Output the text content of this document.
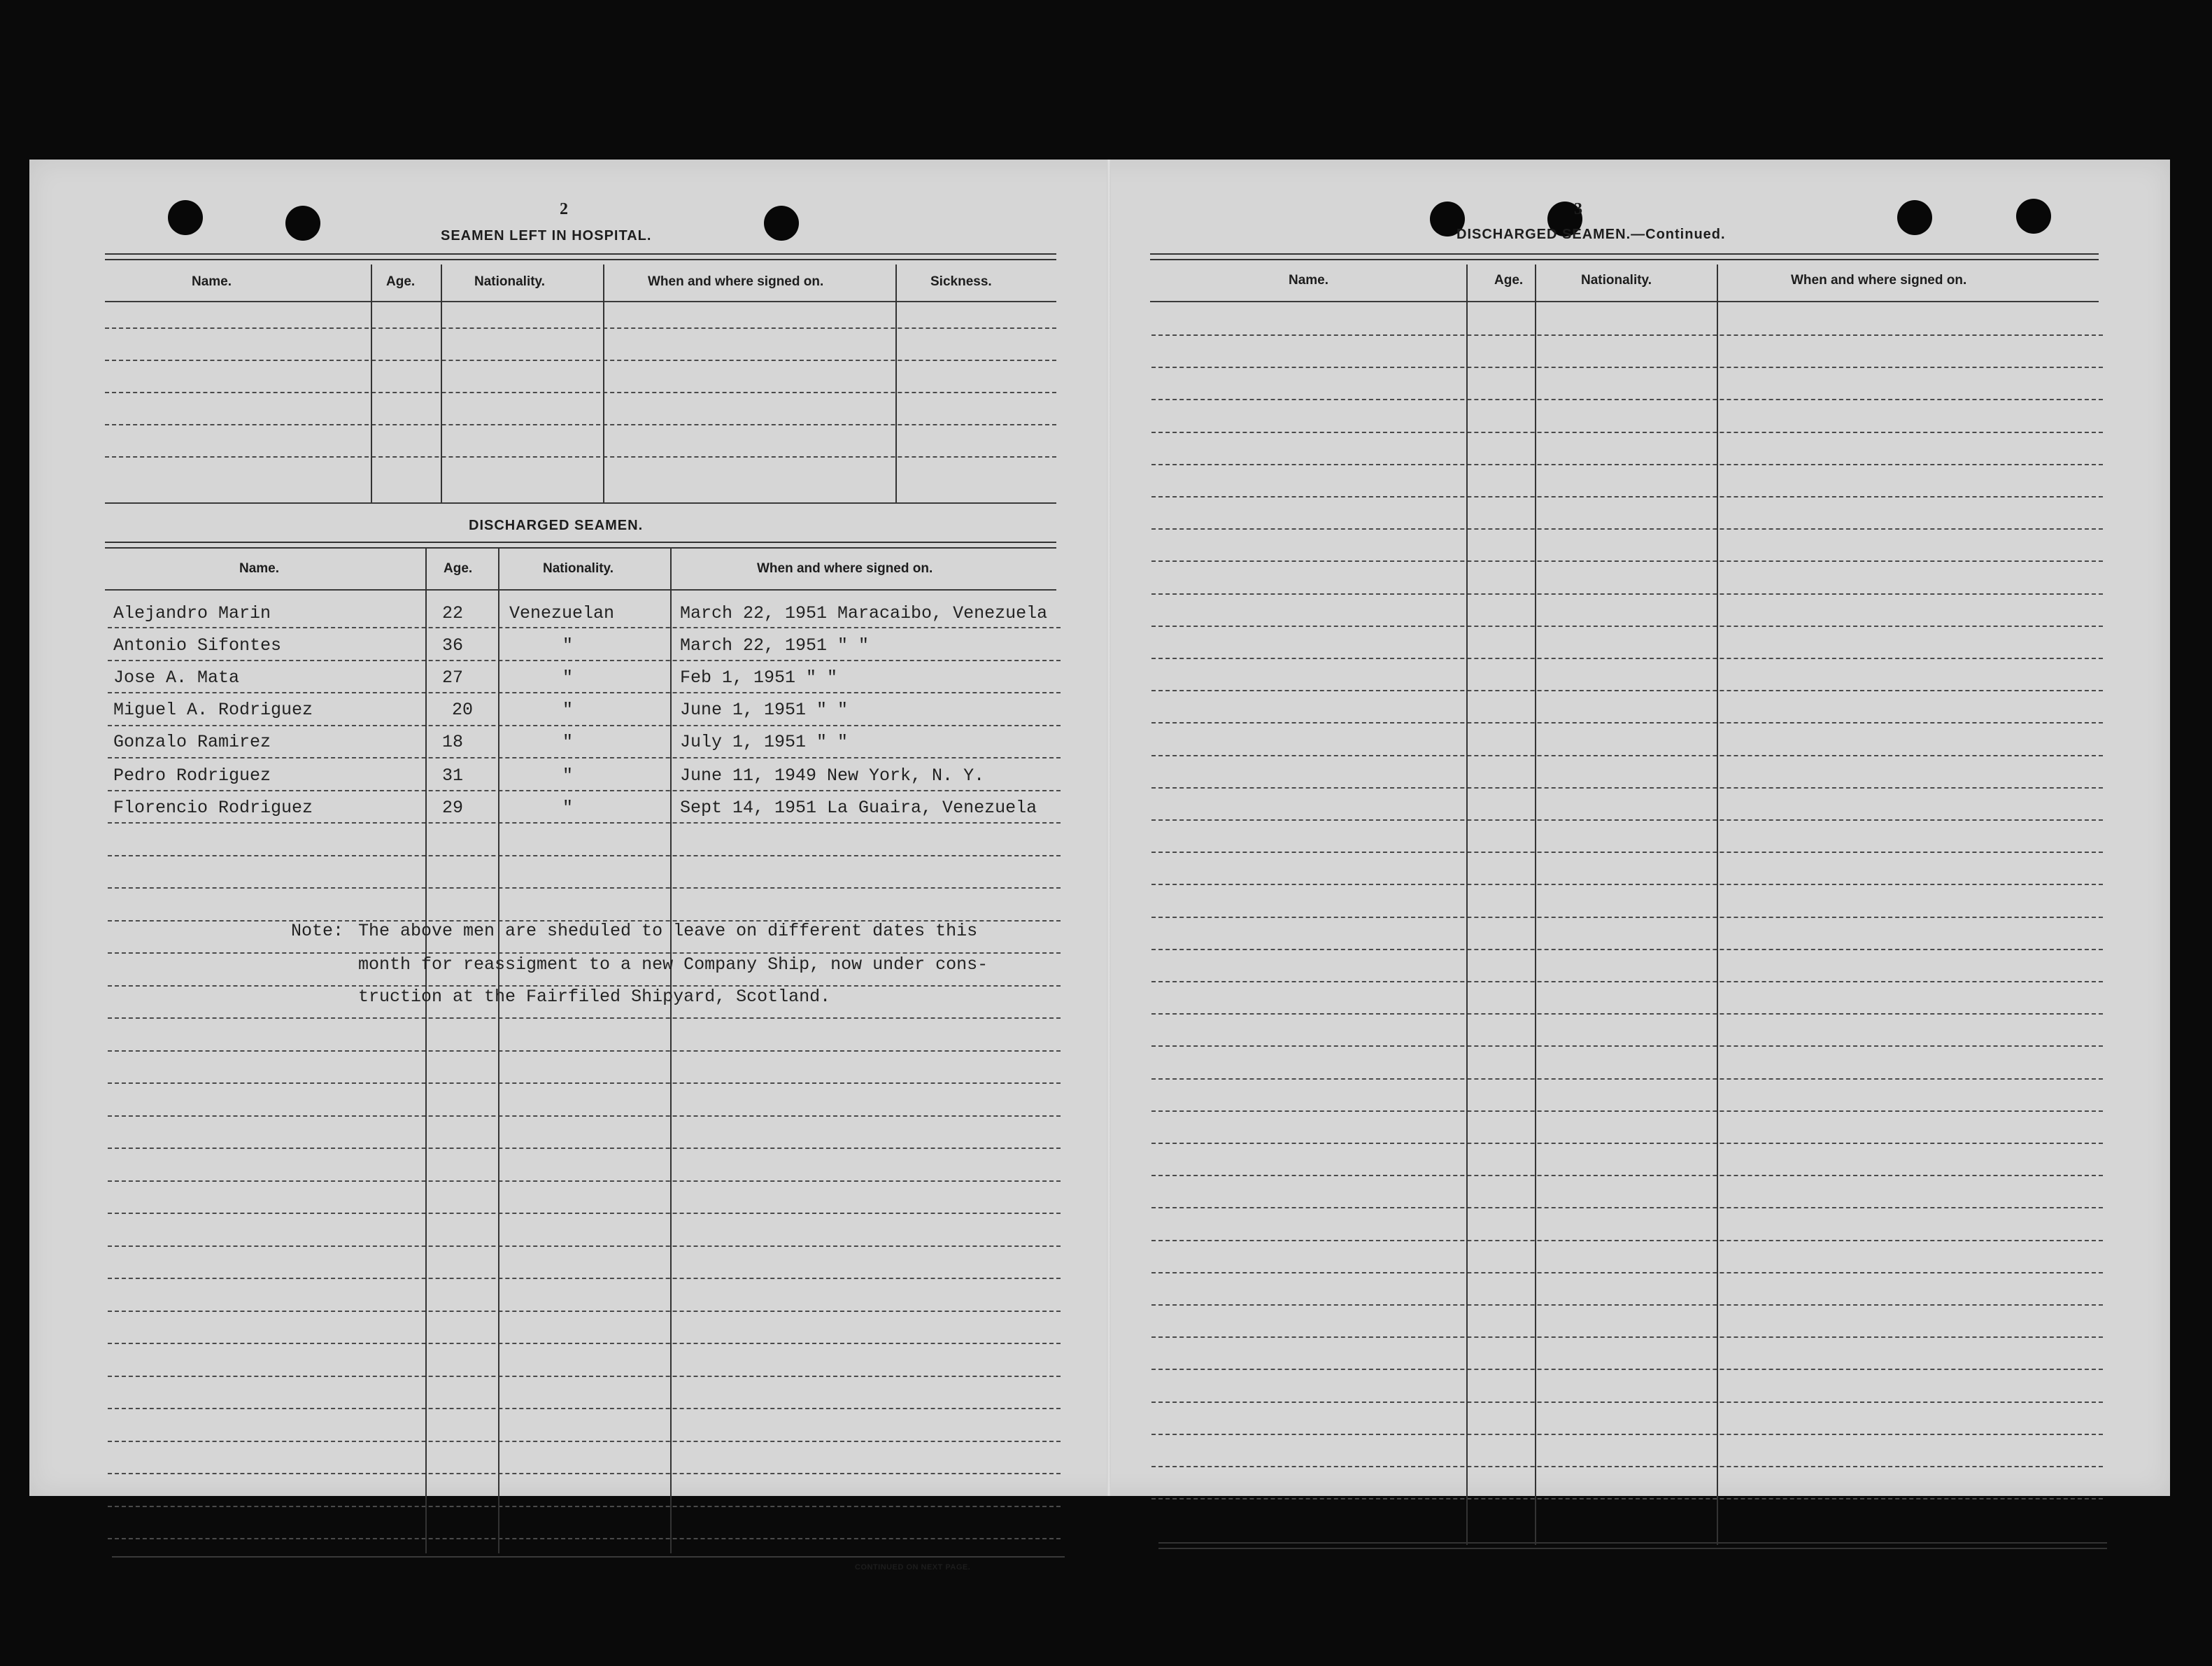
2
SEAMEN LEFT IN HOSPITAL.
Name.	Age.	Nationality.	When and where signed on.	Sickness.
DISCHARGED SEAMEN.
Name.	Age.	Nationality.	When and where signed on.
CONTINUED ON NEXT PAGE.
Alejandro Marin	22	Venezuelan	March 22, 1951 Maracaibo, Venezuela
Antonio Sifontes	36	"	March 22, 1951 " "
Jose A. Mata	27	"	Feb 1, 1951 " "
Miguel A. Rodriguez	20	"	June 1, 1951 " "
Gonzalo Ramirez	18	"	July 1, 1951 " "
Pedro Rodriguez	31	"	June 11, 1949 New York, N. Y.
Florencio Rodriguez	29	"	Sept 14, 1951 La Guaira, Venezuela
Note: The above men are sheduled to leave on different dates this
month for reassigment to a new Company Ship, now under cons-
truction at the Fairfiled Shipyard, Scotland.
3
DISCHARGED SEAMEN.—Continued.
Name.	Age.	Nationality.	When and where signed on.
